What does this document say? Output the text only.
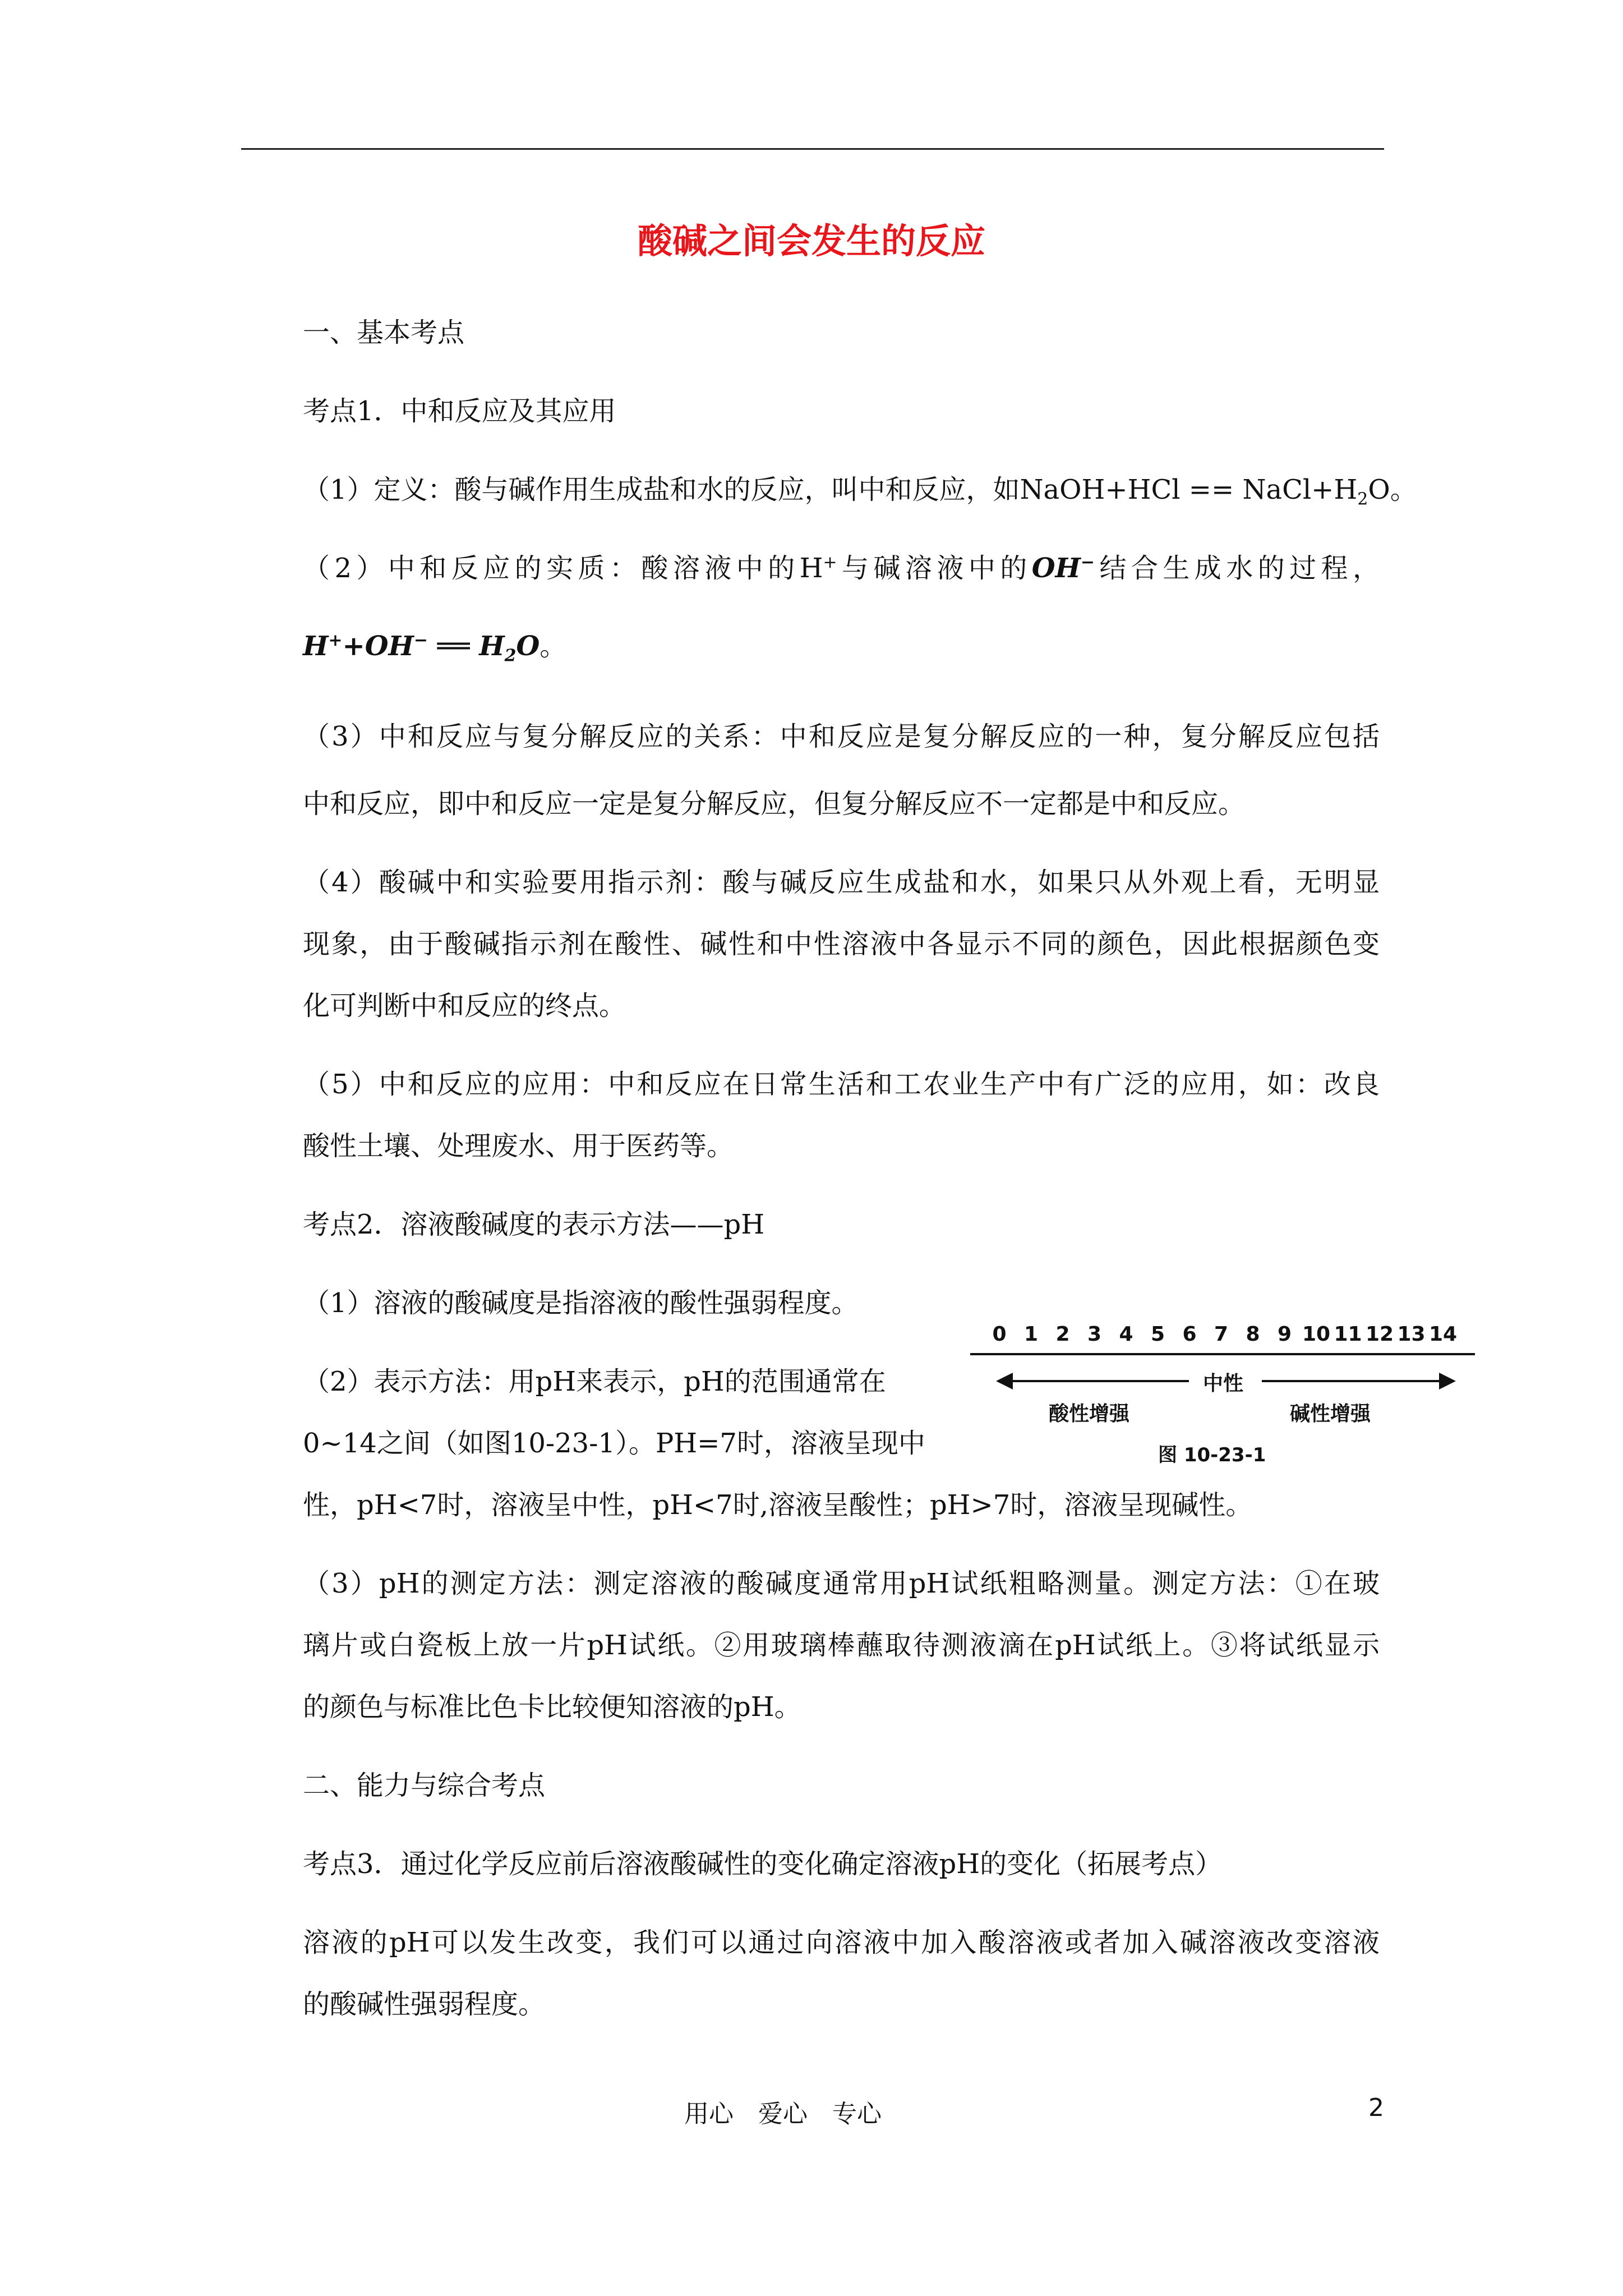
酸碱之间会发生的反应
一、基本考点
考点1．中和反应及其应用
（1）定义：酸与碱作用生成盐和水的反应，叫中和反应，如NaOH+HCl == $NaCl+H_2O$。
（2）中和反应的实质：酸溶液中的H+与碱溶液中的OH−结合生成水的过程，
H++OH− ══ $H_2O$。
（3）中和反应与复分解反应的关系：中和反应是复分解反应的一种，复分解反应包括
中和反应，即中和反应一定是复分解反应，但复分解反应不一定都是中和反应。
（4）酸碱中和实验要用指示剂：酸与碱反应生成盐和水，如果只从外观上看，无明显
现象，由于酸碱指示剂在酸性、碱性和中性溶液中各显示不同的颜色，因此根据颜色变
化可判断中和反应的终点。
（5）中和反应的应用：中和反应在日常生活和工农业生产中有广泛的应用，如：改良
酸性土壤、处理废水、用于医药等。
考点2．溶液酸碱度的表示方法——pH
（1）溶液的酸碱度是指溶液的酸性强弱程度。
（2）表示方法：用pH来表示，pH的范围通常在
0~14之间（如图10-23-1）。PH=7时，溶液呈现中
性，pH<7时，溶液呈中性，pH<7时,溶液呈酸性；pH>7时，溶液呈现碱性。
（3）pH的测定方法：测定溶液的酸碱度通常用pH试纸粗略测量。测定方法：①在玻
璃片或白瓷板上放一片pH试纸。②用玻璃棒蘸取待测液滴在pH试纸上。③将试纸显示
的颜色与标准比色卡比较便知溶液的pH。
二、能力与综合考点
考点3．通过化学反应前后溶液酸碱性的变化确定溶液pH的变化（拓展考点）
溶液的pH可以发生改变，我们可以通过向溶液中加入酸溶液或者加入碱溶液改变溶液
的酸碱性强弱程度。
0 1 2 3 4 5 6 7 8 9 10 11 12 13 14
中性
酸性增强	碱性增强
图 10-23-1
用心　爱心　专心	2
